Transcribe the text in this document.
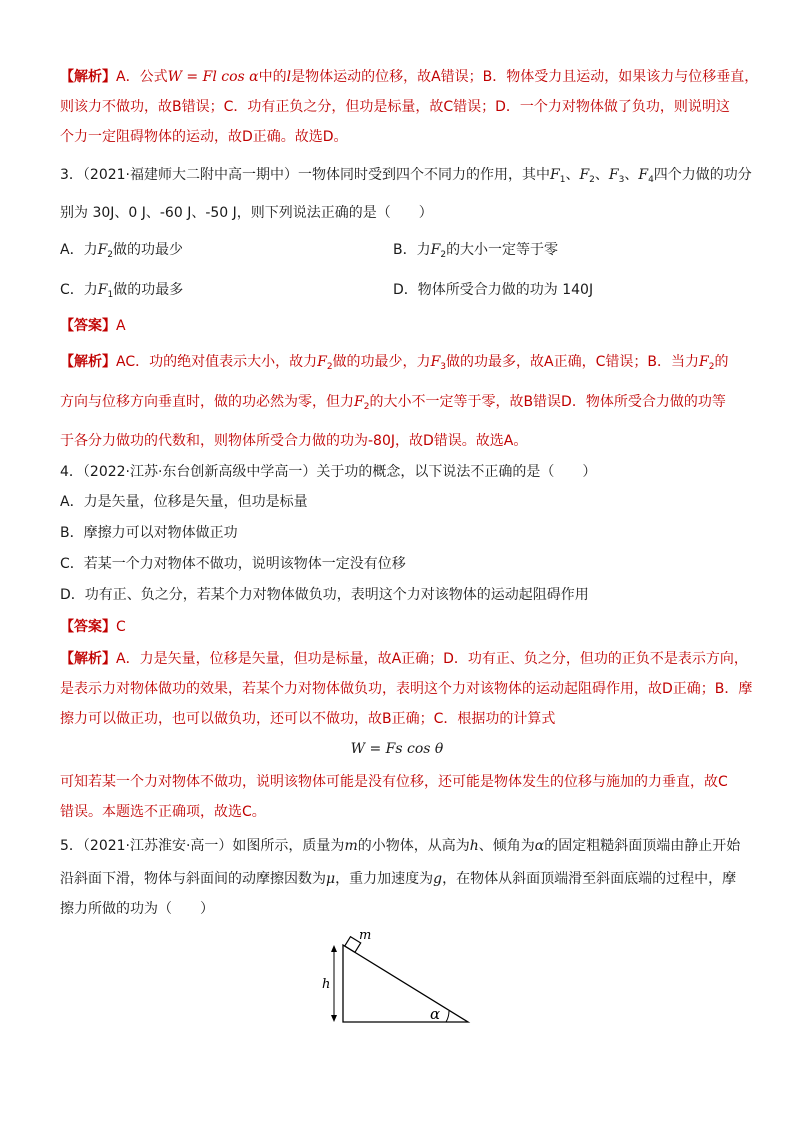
【解析】A．公式W = Fl cos α中的l是物体运动的位移，故A错误；B．物体受力且运动，如果该力与位移垂直，
则该力不做功，故B错误；C．功有正负之分，但功是标量，故C错误；D．一个力对物体做了负功，则说明这
个力一定阻碍物体的运动，故D正确。故选D。
3．（2021·福建师大二附中高一期中）一物体同时受到四个不同力的作用，其中$F_1$、$F_2$、$F_3$、$F_4$四个力做的功分
别为 30J、0 J、-60 J、-50 J，则下列说法正确的是（　　）
A．力$F_2$做的功最少	B．力$F_2$的大小一定等于零
C．力$F_1$做的功最多	D．物体所受合力做的功为 140J
【答案】A
【解析】AC．功的绝对值表示大小，故力$F_2$做的功最少，力$F_3$做的功最多，故A正确，C错误；B．当力$F_2$的
方向与位移方向垂直时，做的功必然为零，但力$F_2$的大小不一定等于零，故B错误D．物体所受合力做的功等
于各分力做功的代数和，则物体所受合力做的功为-80J，故D错误。故选A。
4．（2022·江苏·东台创新高级中学高一）关于功的概念，以下说法不正确的是（　　）
A．力是矢量，位移是矢量，但功是标量
B．摩擦力可以对物体做正功
C．若某一个力对物体不做功，说明该物体一定没有位移
D．功有正、负之分，若某个力对物体做负功，表明这个力对该物体的运动起阻碍作用
【答案】C
【解析】A．力是矢量，位移是矢量，但功是标量，故A正确；D．功有正、负之分，但功的正负不是表示方向，
是表示力对物体做功的效果，若某个力对物体做负功，表明这个力对该物体的运动起阻碍作用，故D正确；B．摩
擦力可以做正功，也可以做负功，还可以不做功，故B正确；C．根据功的计算式
W = Fs cos θ
可知若某一个力对物体不做功，说明该物体可能是没有位移，还可能是物体发生的位移与施加的力垂直，故C
错误。本题选不正确项，故选C。
5．（2021·江苏淮安·高一）如图所示，质量为m的小物体，从高为h、倾角为α的固定粗糙斜面顶端由静止开始
沿斜面下滑，物体与斜面间的动摩擦因数为μ，重力加速度为g，在物体从斜面顶端滑至斜面底端的过程中，摩
擦力所做的功为（　　）
m
h
α
